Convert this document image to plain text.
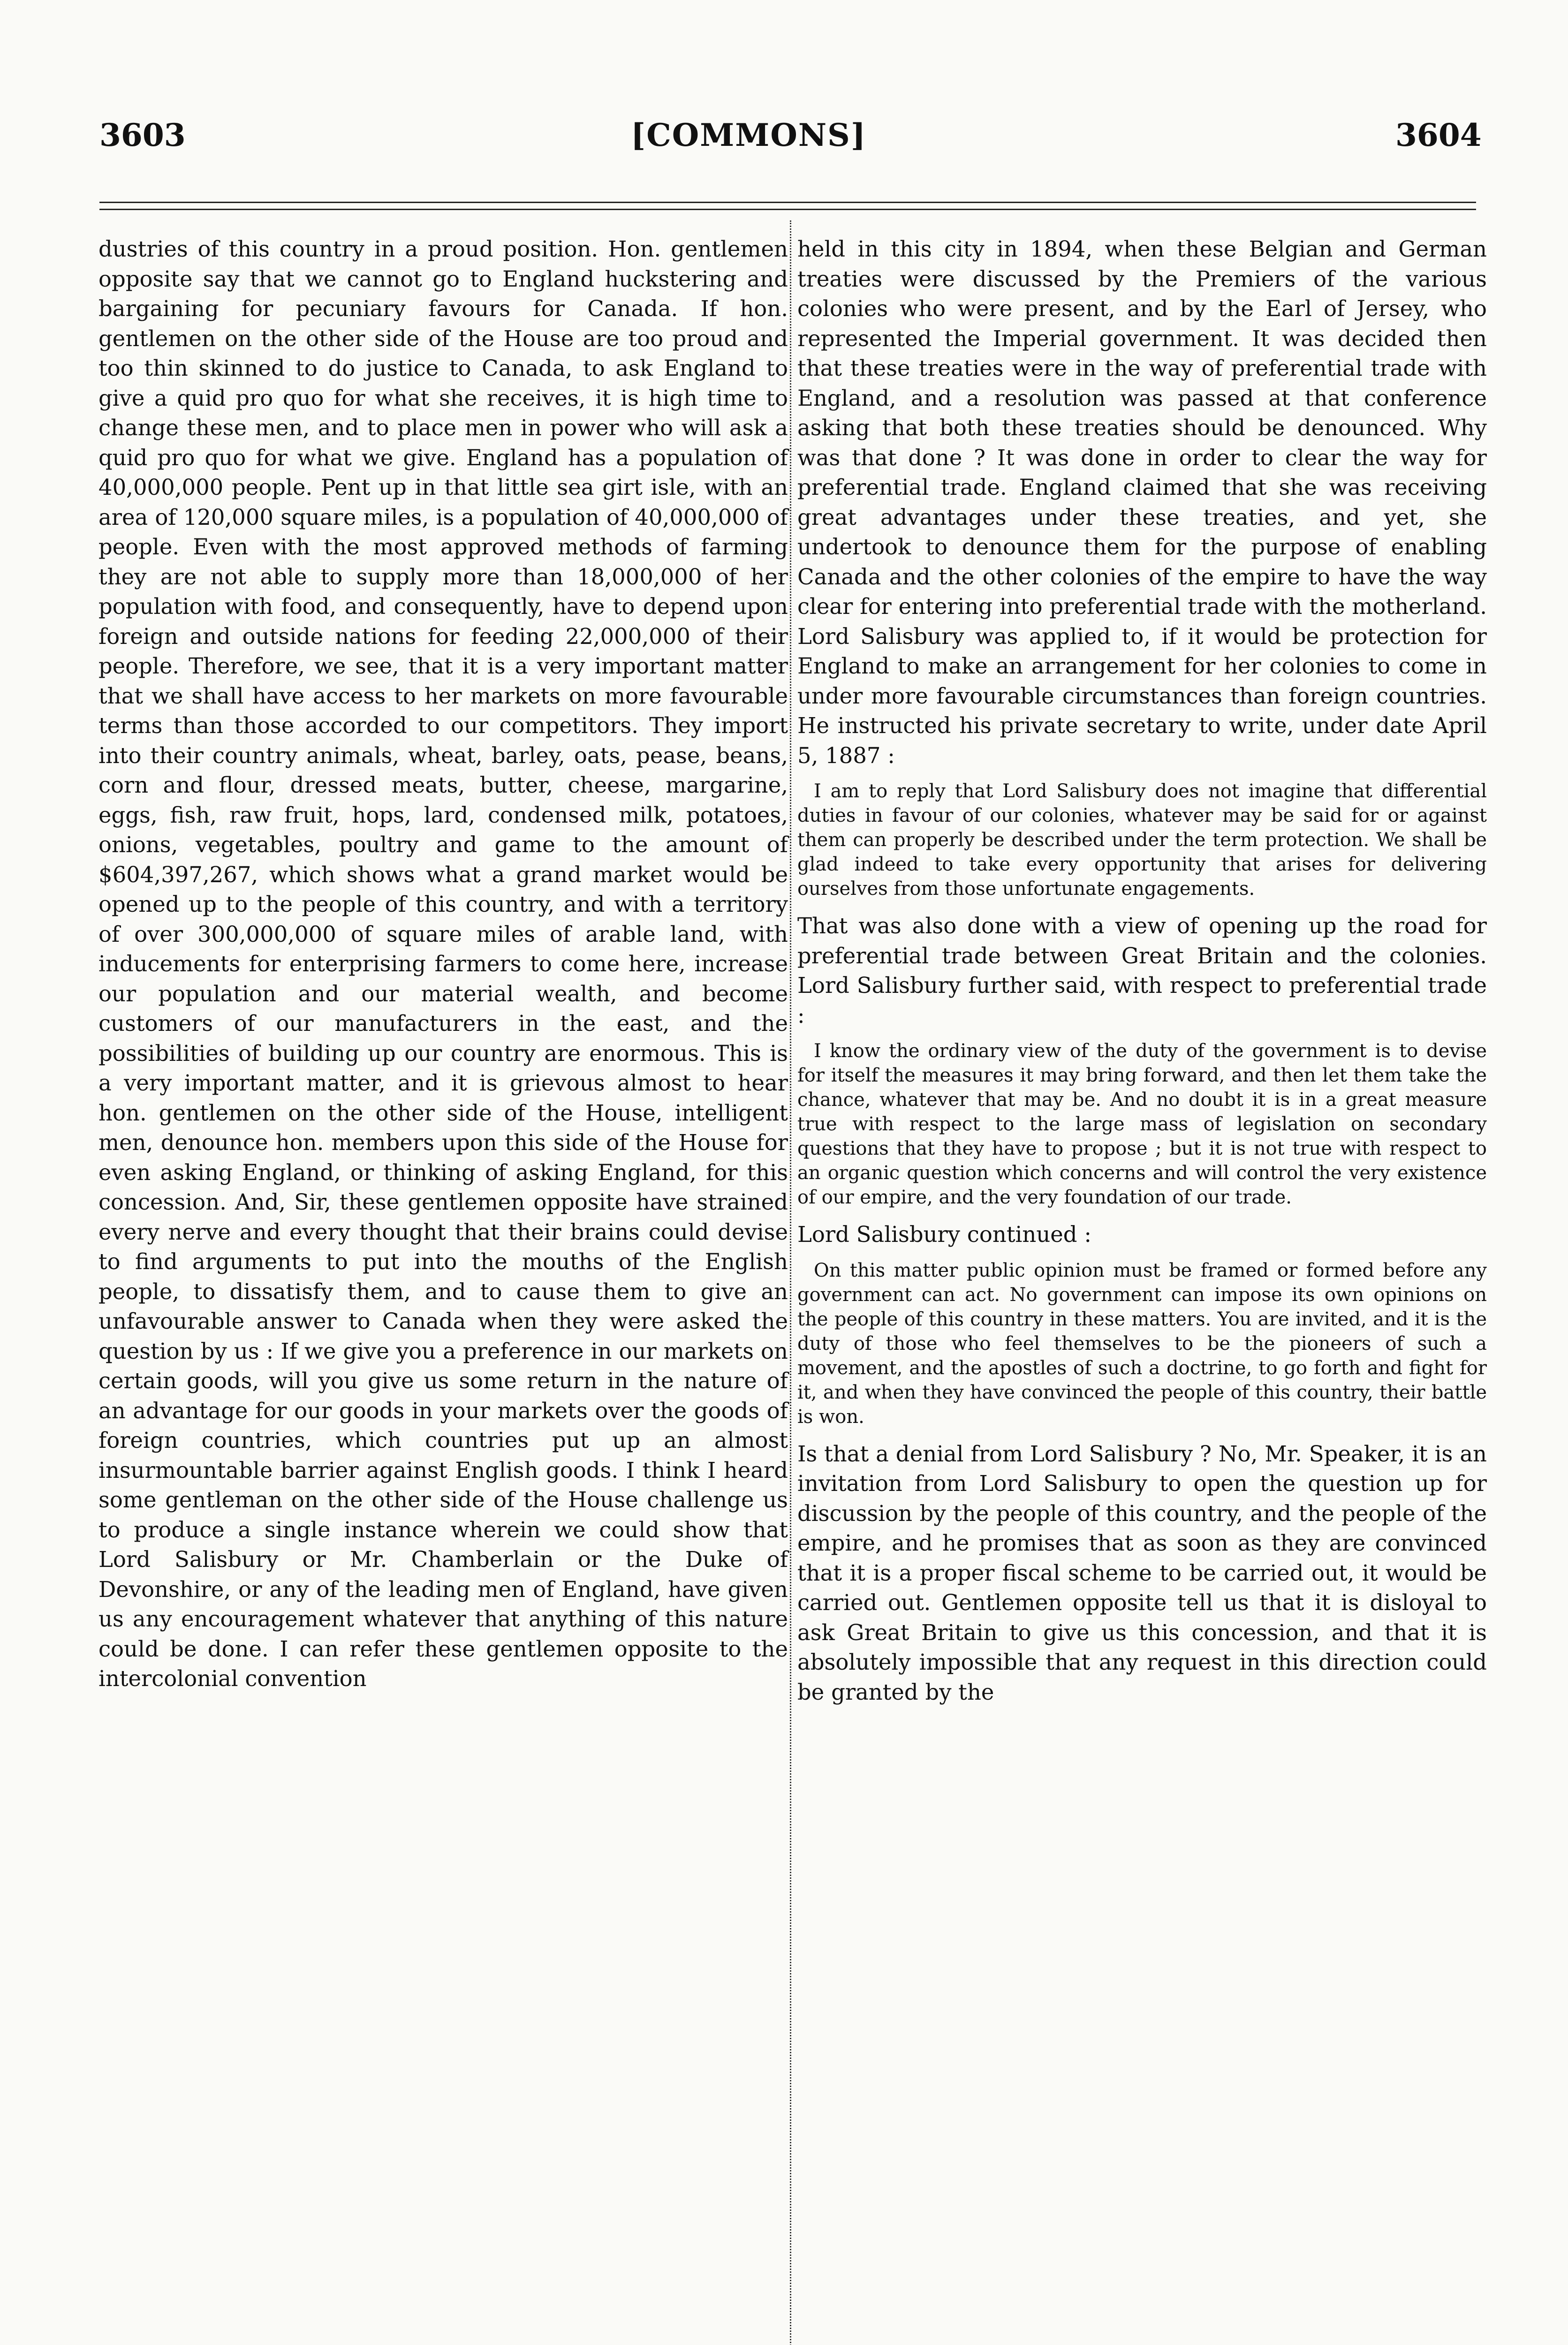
3603	[COMMONS]	3604

dustries of this country in a proud position. Hon. gentlemen opposite say that we cannot go to England huckstering and bargaining for pecuniary favours for Canada. If hon. gentlemen on the other side of the House are too proud and too thin skinned to do justice to Canada, to ask England to give a quid pro quo for what she receives, it is high time to change these men, and to place men in power who will ask a quid pro quo for what we give. England has a population of 40,000,000 people. Pent up in that little sea girt isle, with an area of 120,000 square miles, is a population of 40,000,000 of people. Even with the most approved methods of farming they are not able to supply more than 18,000,000 of her population with food, and consequently, have to depend upon foreign and outside nations for feeding 22,000,000 of their people. Therefore, we see, that it is a very important matter that we shall have access to her markets on more favourable terms than those accorded to our competitors. They import into their country animals, wheat, barley, oats, pease, beans, corn and flour, dressed meats, butter, cheese, margarine, eggs, fish, raw fruit, hops, lard, condensed milk, potatoes, onions, vegetables, poultry and game to the amount of $604,397,267, which shows what a grand market would be opened up to the people of this country, and with a territory of over 300,000,000 of square miles of arable land, with inducements for enterprising farmers to come here, increase our population and our material wealth, and become customers of our manufacturers in the east, and the possibilities of building up our country are enormous. This is a very important matter, and it is grievous almost to hear hon. gentlemen on the other side of the House, intelligent men, denounce hon. members upon this side of the House for even asking England, or thinking of asking England, for this concession. And, Sir, these gentlemen opposite have strained every nerve and every thought that their brains could devise to find arguments to put into the mouths of the English people, to dissatisfy them, and to cause them to give an unfavourable answer to Canada when they were asked the question by us : If we give you a preference in our markets on certain goods, will you give us some return in the nature of an advantage for our goods in your markets over the goods of foreign countries, which countries put up an almost insurmountable barrier against English goods. I think I heard some gentleman on the other side of the House challenge us to produce a single instance wherein we could show that Lord Salisbury or Mr. Chamberlain or the Duke of Devonshire, or any of the leading men of England, have given us any encouragement whatever that anything of this nature could be done. I can refer these gentlemen opposite to the intercolonial convention

held in this city in 1894, when these Belgian and German treaties were discussed by the Premiers of the various colonies who were present, and by the Earl of Jersey, who represented the Imperial government. It was decided then that these treaties were in the way of preferential trade with England, and a resolution was passed at that conference asking that both these treaties should be denounced. Why was that done ? It was done in order to clear the way for preferential trade. England claimed that she was receiving great advantages under these treaties, and yet, she undertook to denounce them for the purpose of enabling Canada and the other colonies of the empire to have the way clear for entering into preferential trade with the motherland. Lord Salisbury was applied to, if it would be protection for England to make an arrangement for her colonies to come in under more favourable circumstances than foreign countries. He instructed his private secretary to write, under date April 5, 1887 :

I am to reply that Lord Salisbury does not imagine that differential duties in favour of our colonies, whatever may be said for or against them can properly be described under the term protection. We shall be glad indeed to take every opportunity that arises for delivering ourselves from those unfortunate engagements.

That was also done with a view of opening up the road for preferential trade between Great Britain and the colonies. Lord Salisbury further said, with respect to preferential trade :

I know the ordinary view of the duty of the government is to devise for itself the measures it may bring forward, and then let them take the chance, whatever that may be. And no doubt it is in a great measure true with respect to the large mass of legislation on secondary questions that they have to propose ; but it is not true with respect to an organic question which concerns and will control the very existence of our empire, and the very foundation of our trade.

Lord Salisbury continued :

On this matter public opinion must be framed or formed before any government can act. No government can impose its own opinions on the people of this country in these matters. You are invited, and it is the duty of those who feel themselves to be the pioneers of such a movement, and the apostles of such a doctrine, to go forth and fight for it, and when they have convinced the people of this country, their battle is won.

Is that a denial from Lord Salisbury ? No, Mr. Speaker, it is an invitation from Lord Salisbury to open the question up for discussion by the people of this country, and the people of the empire, and he promises that as soon as they are convinced that it is a proper fiscal scheme to be carried out, it would be carried out. Gentlemen opposite tell us that it is disloyal to ask Great Britain to give us this concession, and that it is absolutely impossible that any request in this direction could be granted by the
